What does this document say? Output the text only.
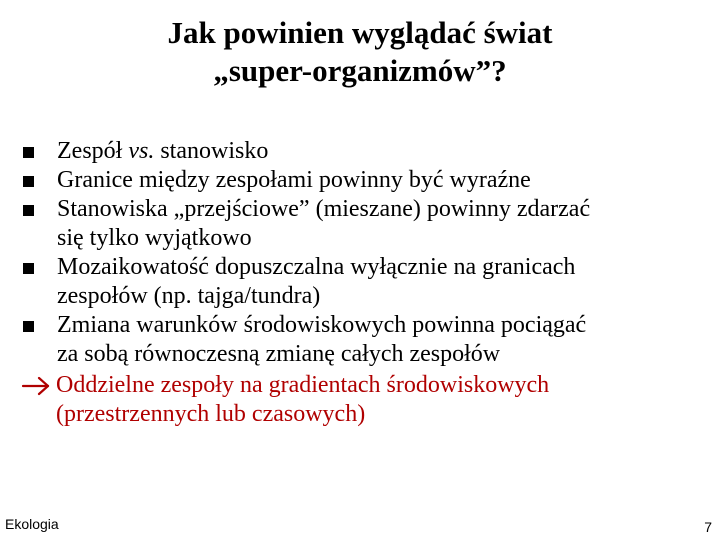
Jak powinien wyglądać świat
„super-organizmów”?
Zespół vs. stanowisko
Granice między zespołami powinny być wyraźne
Stanowiska „przejściowe” (mieszane) powinny zdarzać
się tylko wyjątkowo
Mozaikowatość dopuszczalna wyłącznie na granicach
zespołów (np. tajga/tundra)
Zmiana warunków środowiskowych powinna pociągać
za sobą równoczesną zmianę całych zespołów
Oddzielne zespoły na gradientach środowiskowych
(przestrzennych lub czasowych)
Ekologia	7
